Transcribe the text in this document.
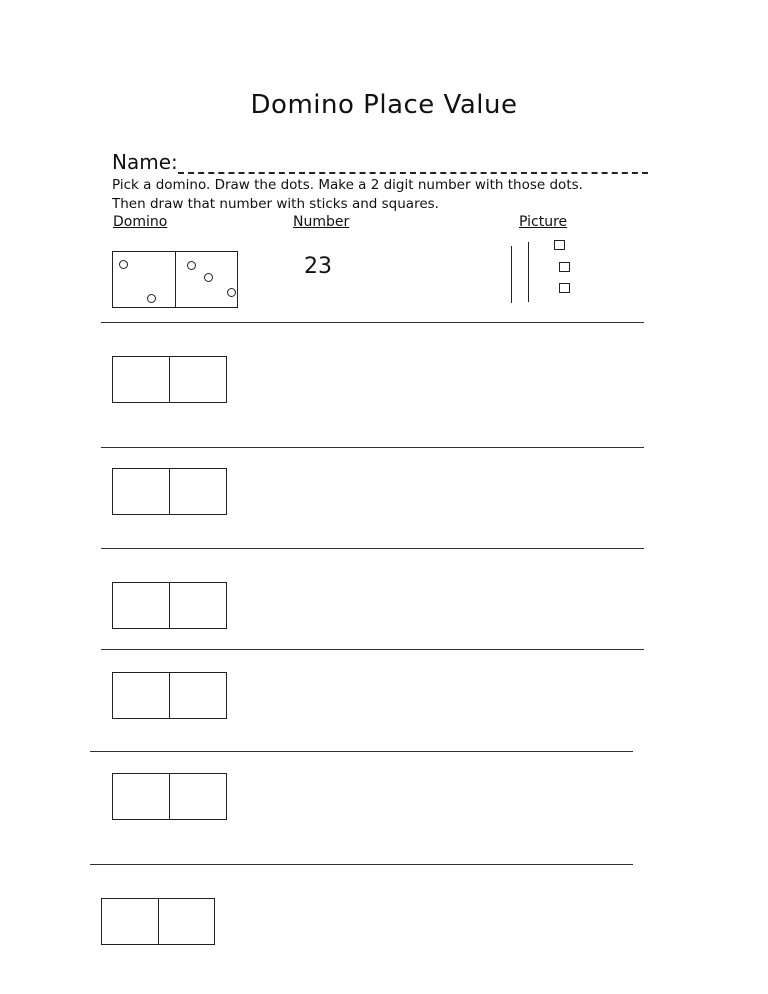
Domino Place Value
Name:
Pick a domino. Draw the dots. Make a 2 digit number with those dots.
Then draw that number with sticks and squares.
Domino	Number	Picture
23
